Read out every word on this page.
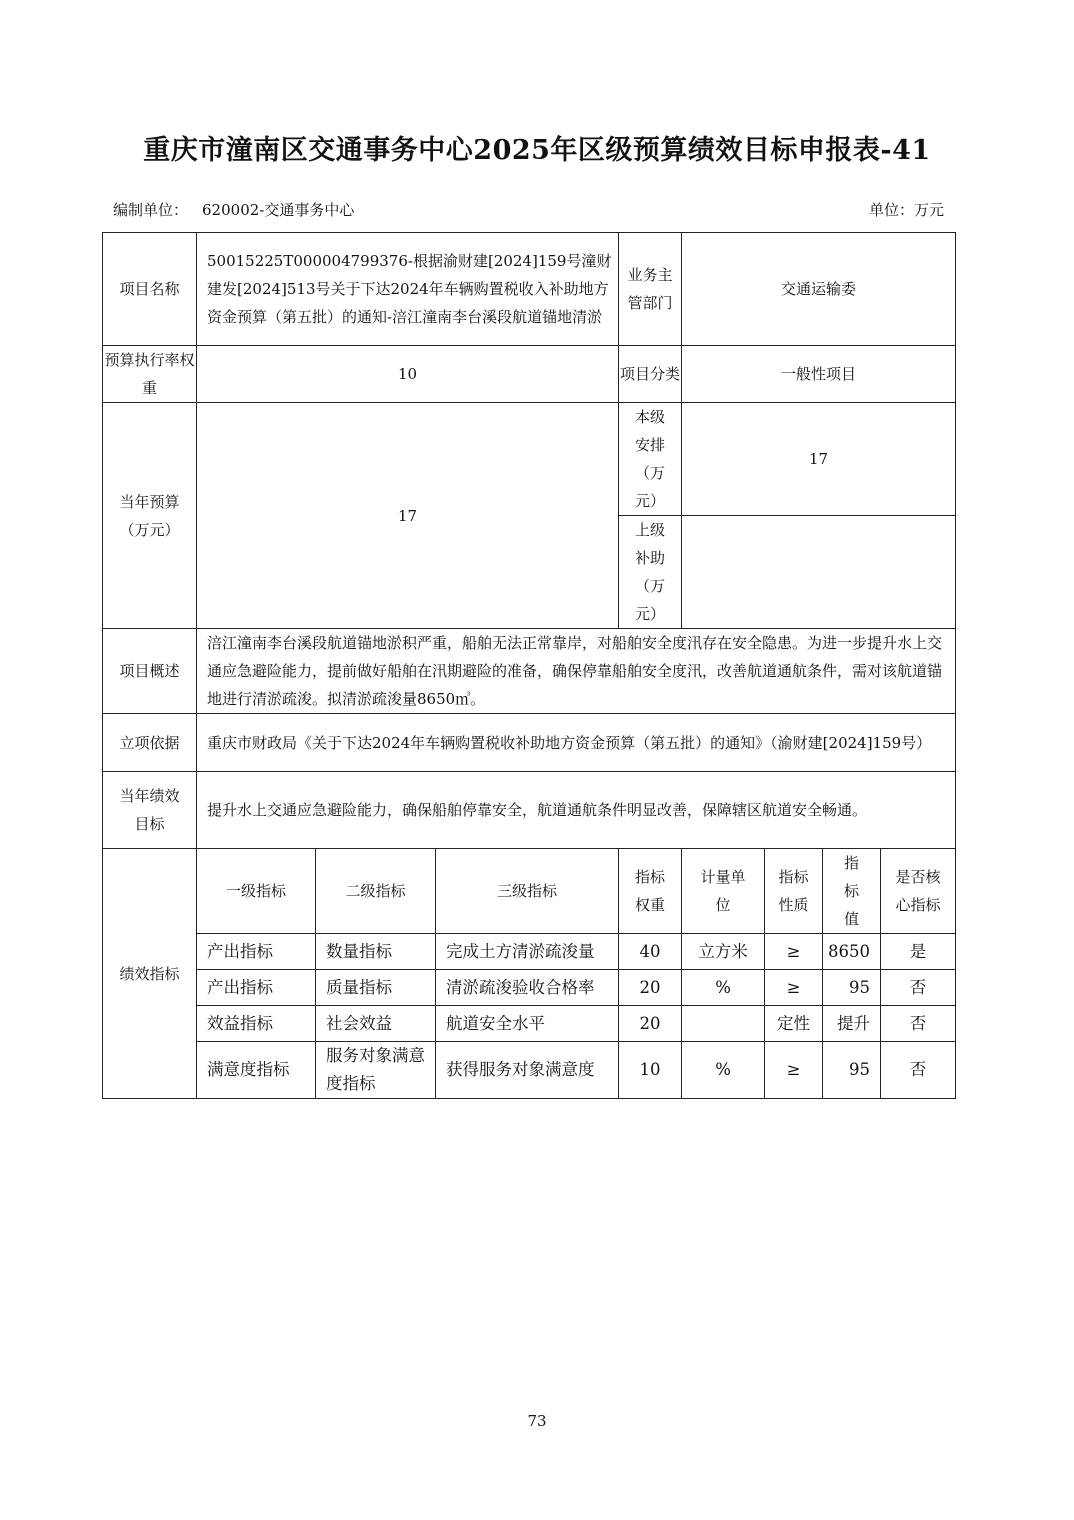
重庆市潼南区交通事务中心2025年区级预算绩效目标申报表-41
编制单位： 620002-交通事务中心	单位：万元
项目名称	50015225T000004799376-根据渝财建[2024]159号潼财建发[2024]513号关于下达2024年车辆购置税收入补助地方资金预算（第五批）的通知-涪江潼南李台溪段航道锚地清淤			业务主管部门	交通运输委			
预算执行率权重	10			项目分类	一般性项目			
当年预算（万元）	17			本级安排（万元）	17			
				上级补助（万元）				
项目概述	涪江潼南李台溪段航道锚地淤积严重，船舶无法正常靠岸，对船舶安全度汛存在安全隐患。为进一步提升水上交通应急避险能力，提前做好船舶在汛期避险的准备，确保停靠船舶安全度汛，改善航道通航条件，需对该航道锚地进行清淤疏浚。拟清淤疏浚量8650㎥。							
立项依据	重庆市财政局《关于下达2024年车辆购置税收补助地方资金预算（第五批）的通知》（渝财建[2024]159号）							
当年绩效目标	提升水上交通应急避险能力，确保船舶停靠安全，航道通航条件明显改善，保障辖区航道安全畅通。							
绩效指标	一级指标	二级指标	三级指标	指标权重	计量单位	指标性质	指标值	是否核心指标
	产出指标	数量指标	完成土方清淤疏浚量	40	立方米	≥	8650	是
	产出指标	质量指标	清淤疏浚验收合格率	20	%	≥	95	否
	效益指标	社会效益	航道安全水平	20		定性	提升	否
	满意度指标	服务对象满意度指标	获得服务对象满意度	10	%	≥	95	否
73
